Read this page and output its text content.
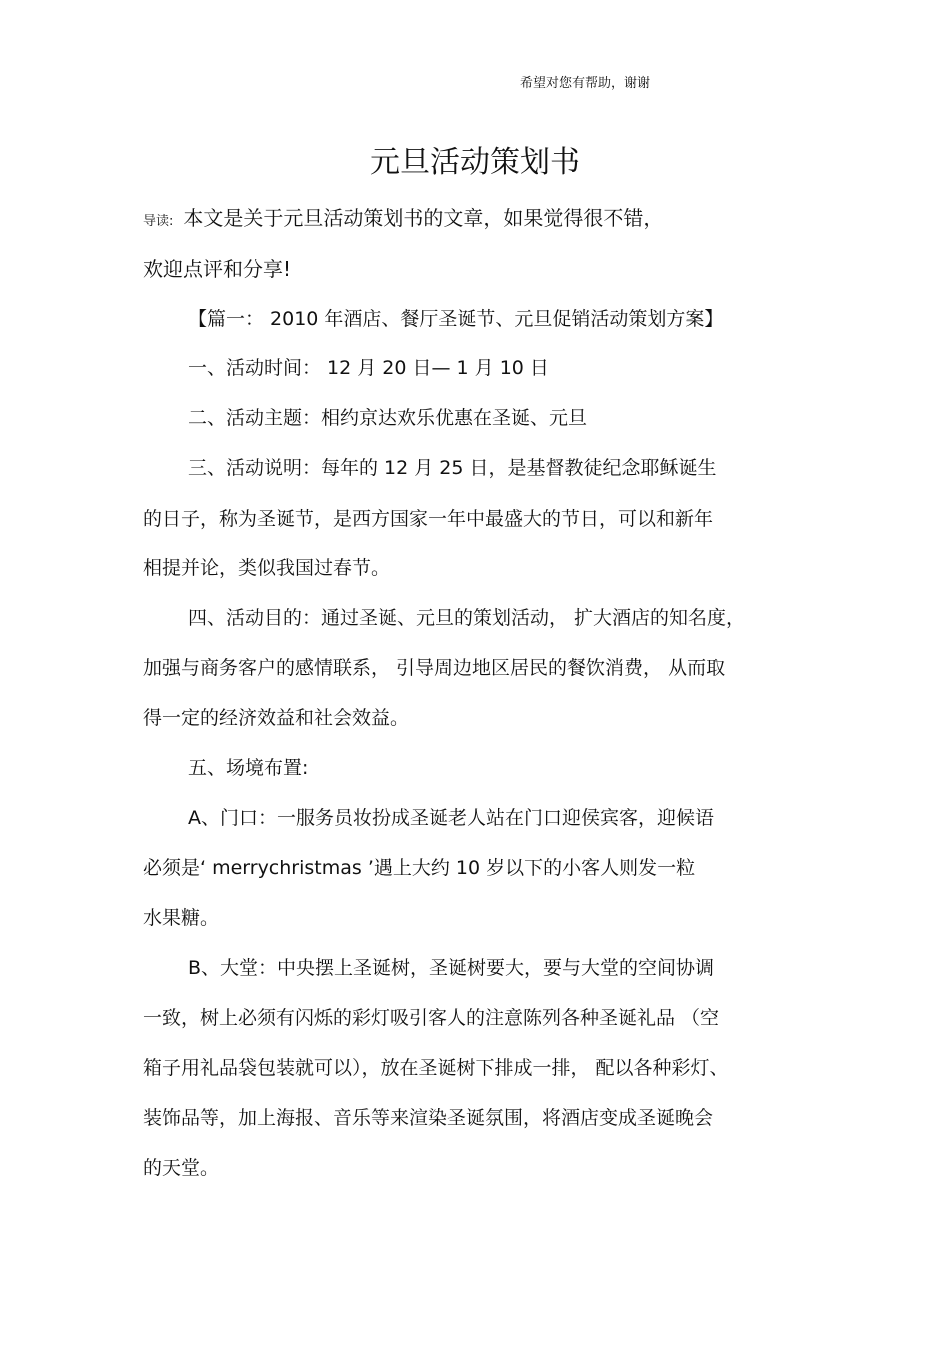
希望对您有帮助，谢谢
元旦活动策划书
导读: 本文是关于元旦活动策划书的文章，如果觉得很不错，
欢迎点评和分享!
【篇一： 2010 年酒店、餐厅圣诞节、元旦促销活动策划方案】
一、活动时间： 12 月 20 日— 1 月 10 日
二、活动主题：相约京达欢乐优惠在圣诞、元旦
三、活动说明：每年的 12 月 25 日，是基督教徒纪念耶稣诞生
的日子，称为圣诞节，是西方国家一年中最盛大的节日，可以和新年
相提并论，类似我国过春节。
四、活动目的：通过圣诞、元旦的策划活动， 扩大酒店的知名度，
加强与商务客户的感情联系， 引导周边地区居民的餐饮消费， 从而取
得一定的经济效益和社会效益。
五、场境布置:
A、门口：一服务员妆扮成圣诞老人站在门口迎侯宾客，迎候语
必须是‘ merrychristmas ’遇上大约 10 岁以下的小客人则发一粒
水果糖。
B、大堂：中央摆上圣诞树，圣诞树要大，要与大堂的空间协调
一致，树上必须有闪烁的彩灯吸引客人的注意陈列各种圣诞礼品 （空
箱子用礼品袋包装就可以），放在圣诞树下排成一排， 配以各种彩灯、
装饰品等，加上海报、音乐等来渲染圣诞氛围，将酒店变成圣诞晚会
的天堂。
